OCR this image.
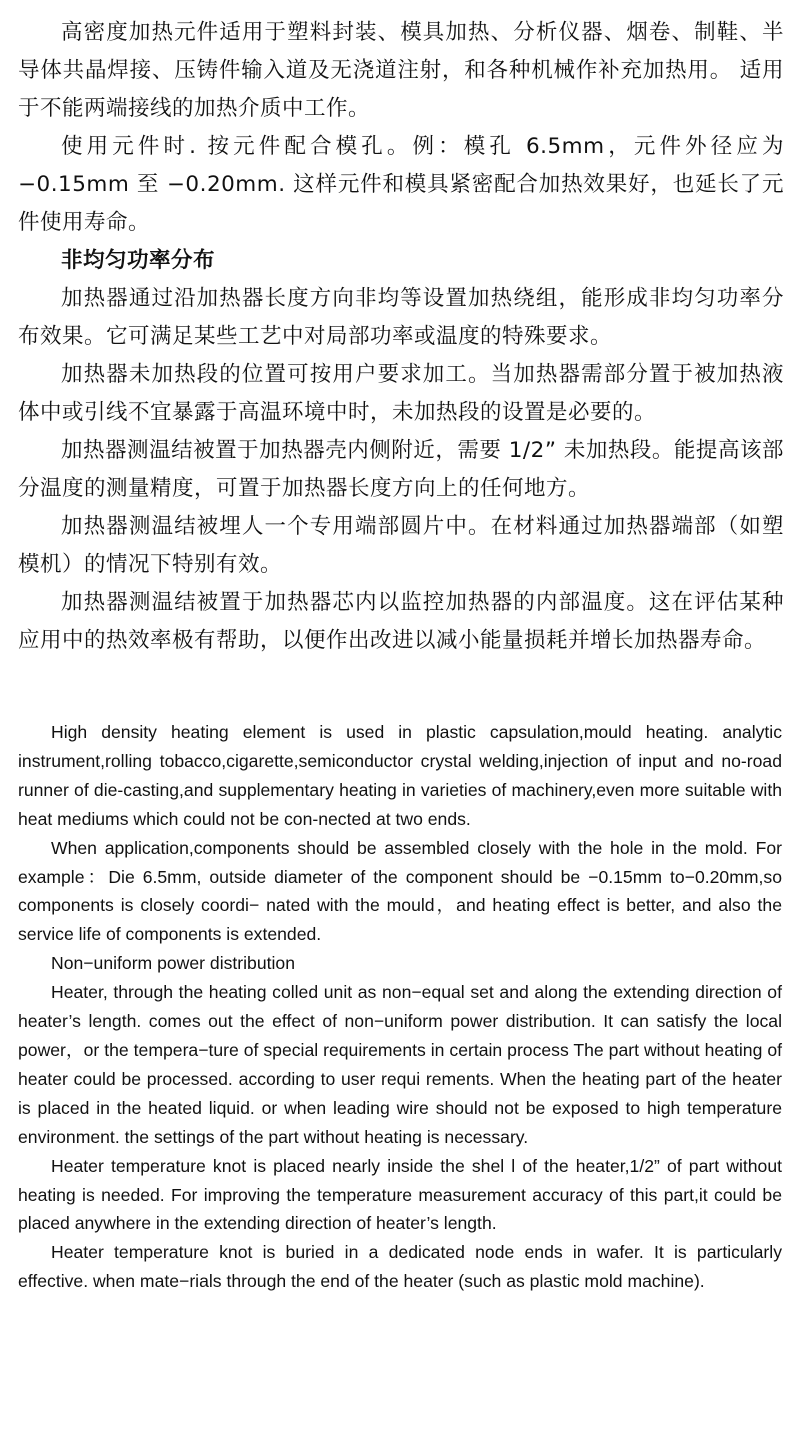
高密度加热元件适用于塑料封装、模具加热、分析仪器、烟卷、制鞋、半导体共晶焊接、压铸件输入道及无浇道注射，和各种机械作补充加热用。 适用于不能两端接线的加热介质中工作。

使用元件时. 按元件配合模孔。例：模孔 6.5mm，元件外径应为 −0.15mm 至 −0.20mm. 这样元件和模具紧密配合加热效果好，也延长了元件使用寿命。

非均匀功率分布

加热器通过沿加热器长度方向非均等设置加热绕组，能形成非均匀功率分布效果。它可满足某些工艺中对局部功率或温度的特殊要求。

加热器未加热段的位置可按用户要求加工。当加热器需部分置于被加热液体中或引线不宜暴露于高温环境中时，未加热段的设置是必要的。

加热器测温结被置于加热器壳内侧附近，需要 1/2” 未加热段。能提高该部分温度的测量精度，可置于加热器长度方向上的任何地方。

加热器测温结被埋人一个专用端部圆片中。在材料通过加热器端部（如塑模机）的情况下特别有效。

加热器测温结被置于加热器芯内以监控加热器的内部温度。这在评估某种应用中的热效率极有帮助，以便作出改进以减小能量损耗并增长加热器寿命。

High density heating element is used in plastic capsulation,mould heating. analytic instrument,rolling tobacco,cigarette,semiconductor crystal welding,injection of input and no-road runner of die-casting,and supplementary heating in varieties of machinery,even more suitable with heat mediums which could not be con-nected at two ends.

When application,components should be assembled closely with the hole in the mold. For example：Die 6.5mm, outside diameter of the component should be −0.15mm to−0.20mm,so components is closely coordi− nated with the mould，and heating effect is better, and also the service life of components is extended.

Non−uniform power distribution

Heater, through the heating colled unit as non−equal set and along the extending direction of heater’s length. comes out the effect of non−uniform power distribution. It can satisfy the local power，or the tempera−ture of special requirements in certain process The part without heating of heater could be processed. according to user requi rements. When the heating part of the heater is placed in the heated liquid. or when leading wire should not be exposed to high temperature environment. the settings of the part without heating is necessary.

Heater temperature knot is placed nearly inside the shel l of the heater,1/2” of part without heating is needed. For improving the temperature measurement accuracy of this part,it could be placed anywhere in the extending direction of heater’s length.

Heater temperature knot is buried in a dedicated node ends in wafer. It is particularly effective. when mate−rials through the end of the heater (such as plastic mold machine).
